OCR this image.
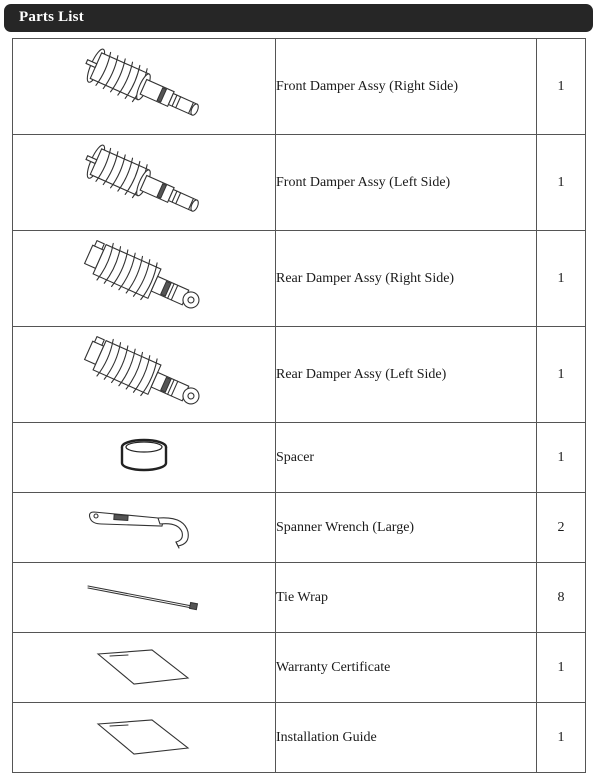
Parts List
	Front Damper Assy (Right Side)	1

	Front Damper Assy (Left Side)	1

	Rear Damper Assy (Right Side)	1

	Rear Damper Assy (Left Side)	1

	Spacer	1

	Spanner Wrench (Large)	2

	Tie Wrap	8

	Warranty Certificate	1

	Installation Guide	1
